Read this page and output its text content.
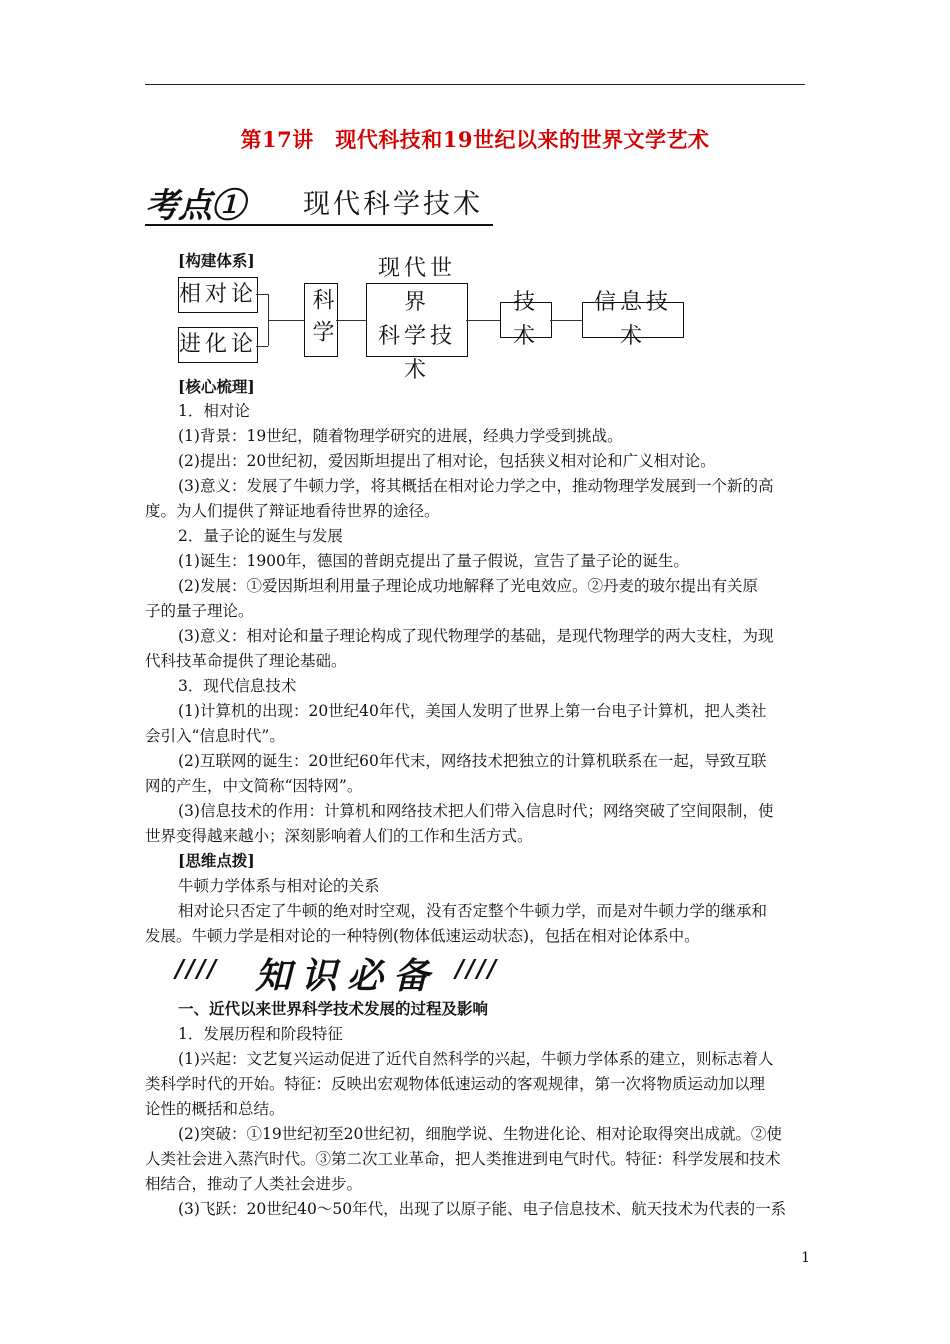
第17讲　现代科技和19世纪以来的世界文学艺术
考点① 现代科学技术
[构建体系]
相对论
进化论 科学
现代世界
科学技术
技术
信息技术
[核心梳理]
1．相对论
(1)背景：19世纪，随着物理学研究的进展，经典力学受到挑战。
(2)提出：20世纪初，爱因斯坦提出了相对论，包括狭义相对论和广义相对论。
(3)意义：发展了牛顿力学，将其概括在相对论力学之中，推动物理学发展到一个新的高
度。为人们提供了辩证地看待世界的途径。
2．量子论的诞生与发展
(1)诞生：1900年，德国的普朗克提出了量子假说，宣告了量子论的诞生。
(2)发展：①爱因斯坦利用量子理论成功地解释了光电效应。②丹麦的玻尔提出有关原
子的量子理论。
(3)意义：相对论和量子理论构成了现代物理学的基础，是现代物理学的两大支柱，为现
代科技革命提供了理论基础。
3．现代信息技术
(1)计算机的出现：20世纪40年代，美国人发明了世界上第一台电子计算机，把人类社
会引入“信息时代”。
(2)互联网的诞生：20世纪60年代末，网络技术把独立的计算机联系在一起，导致互联
网的产生，中文简称“因特网”。
(3)信息技术的作用：计算机和网络技术把人们带入信息时代；网络突破了空间限制，使
世界变得越来越小；深刻影响着人们的工作和生活方式。
[思维点拨]
牛顿力学体系与相对论的关系
相对论只否定了牛顿的绝对时空观，没有否定整个牛顿力学，而是对牛顿力学的继承和
发展。牛顿力学是相对论的一种特例(物体低速运动状态)，包括在相对论体系中。
//// 知识必备 ////
一、近代以来世界科学技术发展的过程及影响
1．发展历程和阶段特征
(1)兴起：文艺复兴运动促进了近代自然科学的兴起，牛顿力学体系的建立，则标志着人
类科学时代的开始。特征：反映出宏观物体低速运动的客观规律，第一次将物质运动加以理
论性的概括和总结。
(2)突破：①19世纪初至20世纪初，细胞学说、生物进化论、相对论取得突出成就。②使
人类社会进入蒸汽时代。③第二次工业革命，把人类推进到电气时代。特征：科学发展和技术
相结合，推动了人类社会进步。
(3)飞跃：20世纪40～50年代，出现了以原子能、电子信息技术、航天技术为代表的一系
1
